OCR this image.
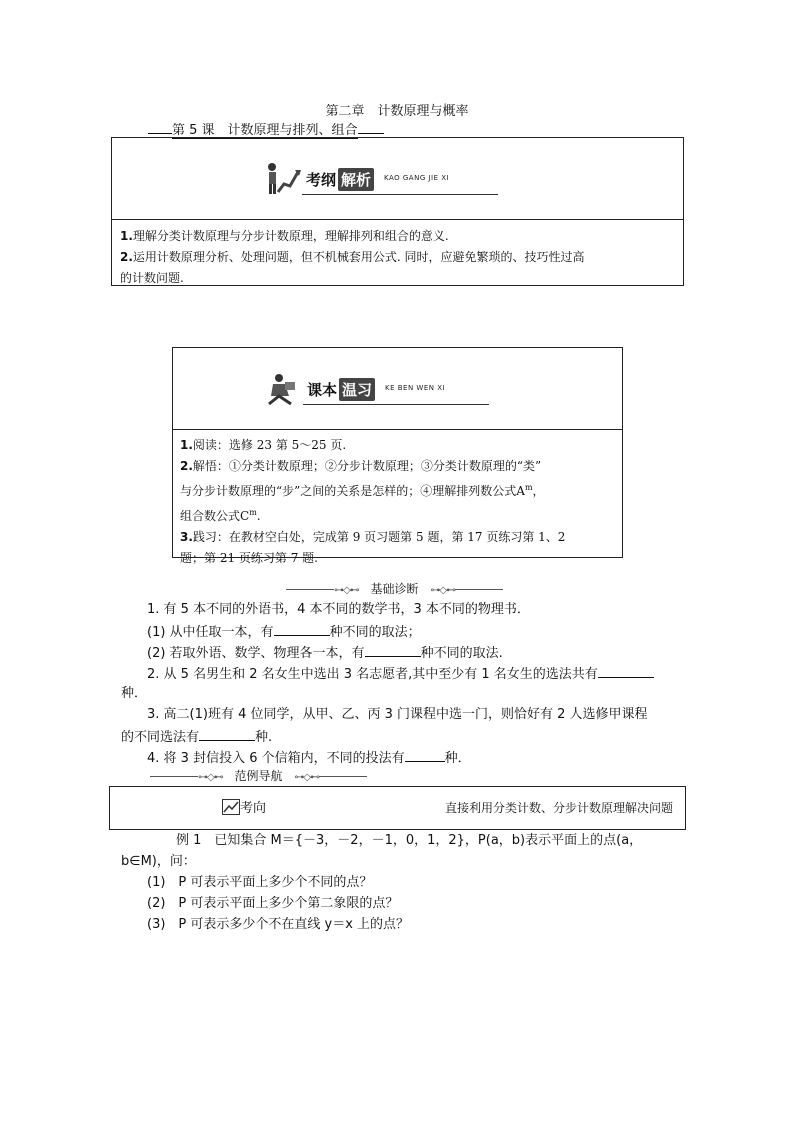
第二章　计数原理与概率
第 5 课　计数原理与排列、组合
考纲 解析	KAO GANG JIE XI
1.理解分类计数原理与分步计数原理，理解排列和组合的意义.
2.运用计数原理分析、处理问题，但不机械套用公式. 同时，应避免繁琐的、技巧性过高
的计数问题.
课本 温习	KE BEN WEN XI
1.阅读：选修 23 第 5～25 页.
2.解悟：①分类计数原理；②分步计数原理；③分类计数原理的“类”
与分步计数原理的“步”之间的关系是怎样的；④理解排列数公式$A^m$，
组合数公式$C^m$.
3.践习：在教材空白处，完成第 9 页习题第 5 题，第 17 页练习第 1、2
题；第 21 页练习第 7 题.
⊶◇⊷ 基础诊断 ⊶◇⊷
1. 有 5 本不同的外语书，4 本不同的数学书，3 本不同的物理书．
(1) 从中任取一本，有	种不同的取法；
(2) 若取外语、数学、物理各一本，有	种不同的取法.
2. 从 5 名男生和 2 名女生中选出 3 名志愿者,其中至少有 1 名女生的选法共有
种．
3. 高二(1)班有 4 位同学，从甲、乙、丙 3 门课程中选一门，则恰好有 2 人选修甲课程
的不同选法有	种.
4. 将 3 封信投入 6 个信箱内，不同的投法有	种．
⊶◇⊷ 范例导航 ⊶◇⊷
考向	直接利用分类计数、分步计数原理解决问题
例 1　已知集合 M＝{－3，－2，－1，0，1，2}，P(a，b)表示平面上的点(a，
b∈M)，问：
(1)　P 可表示平面上多少个不同的点？
(2)　P 可表示平面上多少个第二象限的点？
(3)　P 可表示多少个不在直线 y＝x 上的点？
